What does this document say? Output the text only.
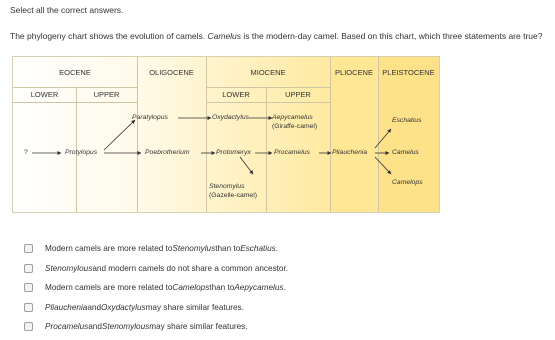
Select all the correct answers.
The phylogeny chart shows the evolution of camels. Camelus is the modern-day camel. Based on this chart, which three statements are true?
EOCENE	OLIGOCENE	MIOCENE	PLIOCENE	PLEISTOCENE
LOWER	UPPER	LOWER	UPPER
?	Protylopus
Paratylopus
Poebrotherium
Oxydactylus
Protomeryx
Stenomylus
(Gazelle-camel)
Aepycamelus
(Giraffe-camel)
Procamelus	Pliauchenia
Eschatius
Camelus
Camelops
Modern camels are more related to Stenomylus than to Eschatius .
Stenomylous and modern camels do not share a common ancestor.
Modern camels are more related to Camelops than to Aepycamelus .
Pliauchenia and Oxydactylus may share similar features.
Procamelus and Stenomylous may share similar features.
